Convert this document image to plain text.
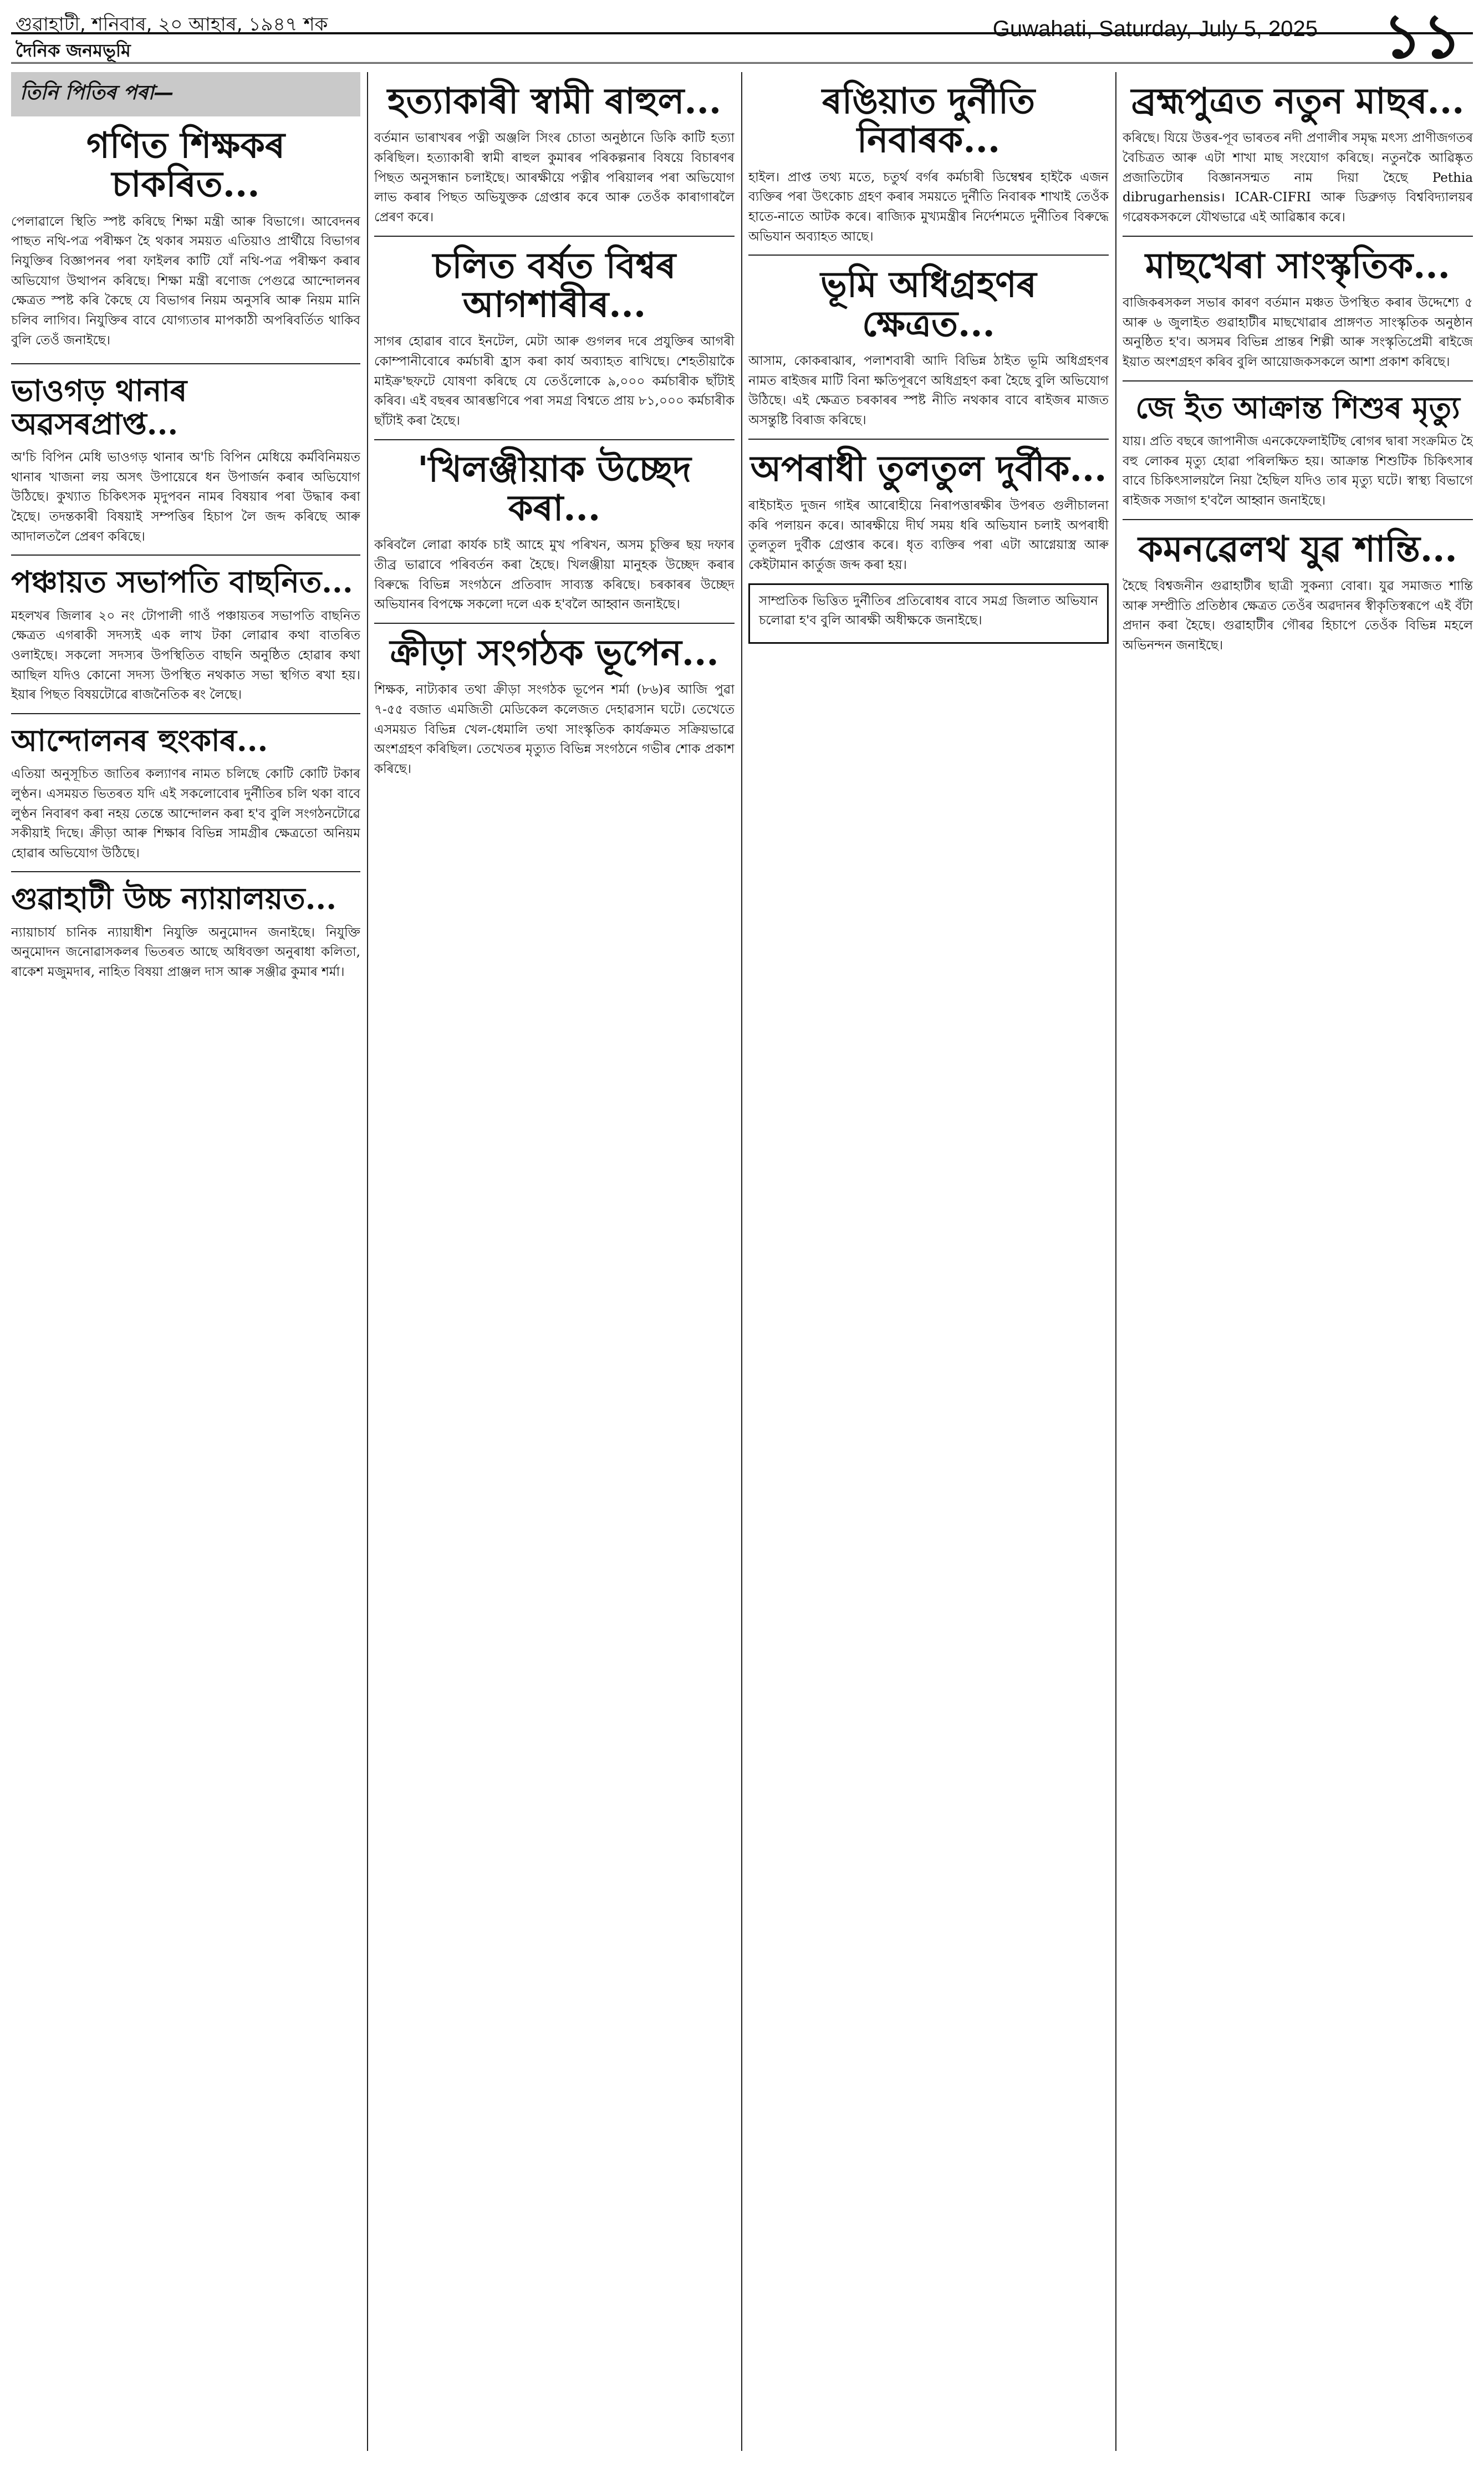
গুৱাহাটী, শনিবাৰ, ২০ আহাৰ, ১৯৪৭ শক
দৈনিক জনমভূমি
Guwahati, Saturday, July 5, 2025 ১১
তিনি পিতিৰ পৰা—
গণিত শিক্ষকৰ চাকৰিত...

পেলাৱালে স্থিতি স্পষ্ট কৰিছে শিক্ষা মন্ত্রী আৰু বিভাগে। আবেদনৰ পাছত নথি-পত্র পৰীক্ষণ হৈ থকাৰ সময়ত এতিয়াও প্রার্থীয়ে বিভাগৰ নিযুক্তিৰ বিজ্ঞাপনৰ পৰা ফাইলৰ কাটি যোঁ নথি-পত্র পৰীক্ষণ কৰাৰ অভিযোগ উত্থাপন কৰিছে। শিক্ষা মন্ত্রী ৰণোজ পেগুৱে আন্দোলনৰ ক্ষেত্রত স্পষ্ট কৰি কৈছে যে বিভাগৰ নিয়ম অনুসৰি আৰু নিয়ম মানি চলিব লাগিব। নিযুক্তিৰ বাবে যোগ্যতাৰ মাপকাঠী অপৰিবৰ্তিত থাকিব বুলি তেওঁ জনাইছে।

ভাওগড় থানাৰ অৱসৰপ্রাপ্ত...

অ'চি বিপিন মেধি ভাওগড় থানাৰ অ'চি বিপিন মেধিয়ে কৰ্মবিনিময়ত থানাৰ খাজনা লয় অসৎ উপায়েৰে ধন উপাৰ্জন কৰাৰ অভিযোগ উঠিছে। কুখ্যাত চিকিৎসক মৃদুপবন নামৰ বিষয়াৰ পৰা উদ্ধাৰ কৰা হৈছে। তদন্তকাৰী বিষয়াই সম্পত্তিৰ হিচাপ লৈ জব্দ কৰিছে আৰু আদালতলৈ প্ৰেৰণ কৰিছে।

পঞ্চায়ত সভাপতি বাছনিত...

মহলখৰ জিলাৰ ২০ নং টোপালী গাওঁ পঞ্চায়তৰ সভাপতি বাছনিত ক্ষেত্ৰত এগৰাকী সদস্যই এক লাখ টকা লোৱাৰ কথা বাতৰিত ওলাইছে। সকলো সদস্যৰ উপস্থিতিত বাছনি অনুষ্ঠিত হোৱাৰ কথা আছিল যদিও কোনো সদস্য উপস্থিত নথকাত সভা স্থগিত ৰখা হয়। ইয়াৰ পিছত বিষয়টোৱে ৰাজনৈতিক ৰং লৈছে।

আন্দোলনৰ হুংকাৰ...

এতিয়া অনুসূচিত জাতিৰ কল্যাণৰ নামত চলিছে কোটি কোটি টকাৰ লুণ্ঠন। এসময়ত ভিতৰত যদি এই সকলোবোৰ দুৰ্নীতিৰ চলি থকা বাবে লুণ্ঠন নিবাৰণ কৰা নহয় তেন্তে আন্দোলন কৰা হ'ব বুলি সংগঠনটোৱে সকীয়াই দিছে। ক্ৰীড়া আৰু শিক্ষাৰ বিভিন্ন সামগ্ৰীৰ ক্ষেত্ৰতো অনিয়ম হোৱাৰ অভিযোগ উঠিছে।

গুৱাহাটী উচ্চ ন্যায়ালয়ত...

ন্যায়াচাৰ্য চানিক ন্যায়াধীশ নিযুক্তি অনুমোদন জনাইছে। নিযুক্তি অনুমোদন জনোৱাসকলৰ ভিতৰত আছে অধিবক্তা অনুৰাধা কলিতা, ৰাকেশ মজুমদাৰ, নাহিত বিষয়া প্ৰাঞ্জল দাস আৰু সঞ্জীৱ কুমাৰ শৰ্মা।

হত্যাকাৰী স্বামী ৰাহুল...

বৰ্তমান ভাৰাখৰৰ পত্নী অঞ্জলি সিংৰ চোতা অনুষ্ঠানে ডিকি কাটি হত্যা কৰিছিল। হত্যাকাৰী স্বামী ৰাহুল কুমাৰৰ পৰিকল্পনাৰ বিষয়ে বিচাৰণৰ পিছত অনুসন্ধান চলাইছে। আৰক্ষীয়ে পত্নীৰ পৰিয়ালৰ পৰা অভিযোগ লাভ কৰাৰ পিছত অভিযুক্তক গ্ৰেপ্তাৰ কৰে আৰু তেওঁক কাৰাগাৰলৈ প্ৰেৰণ কৰে।

চলিত বৰ্ষত বিশ্বৰ আগশাৰীৰ...

সাগৰ হোৱাৰ বাবে ইনটেল, মেটা আৰু গুগলৰ দৰে প্ৰযুক্তিৰ আগৰী কোম্পানীবোৰে কৰ্মচাৰী হ্ৰাস কৰা কাৰ্য অব্যাহত ৰাখিছে। শেহতীয়াকৈ মাইক্ৰ'ছফটে যোষণা কৰিছে যে তেওঁলোকে ৯,০০০ কৰ্মচাৰীক ছাঁটাই কৰিব। এই বছৰৰ আৰম্ভণিৰে পৰা সমগ্ৰ বিশ্বতে প্ৰায় ৮১,০০০ কৰ্মচাৰীক ছাঁটাই কৰা হৈছে।

'খিলঞ্জীয়াক উচ্ছেদ কৰা...

কৰিবলৈ লোৱা কাৰ্যক চাই আহে মুখ পৰিখন, অসম চুক্তিৰ ছয় দফাৰ তীব্ৰ ভাৱাবে পৰিবৰ্তন কৰা হৈছে। খিলঞ্জীয়া মানুহক উচ্ছেদ কৰাৰ বিৰুদ্ধে বিভিন্ন সংগঠনে প্ৰতিবাদ সাব্যস্ত কৰিছে। চৰকাৰৰ উচ্ছেদ অভিযানৰ বিপক্ষে সকলো দলে এক হ'বলৈ আহ্বান জনাইছে।

ক্ৰীড়া সংগঠক ভূপেন...

শিক্ষক, নাট্যকাৰ তথা ক্ৰীড়া সংগঠক ভূপেন শৰ্মা (৮৬)ৰ আজি পুৱা ৭-৫৫ বজাত এমজিতী মেডিকেল কলেজত দেহাৱসান ঘটে। তেখেতে এসময়ত বিভিন্ন খেল-ধেমালি তথা সাংস্কৃতিক কাৰ্যক্ৰমত সক্ৰিয়ভাৱে অংশগ্ৰহণ কৰিছিল। তেখেতৰ মৃত্যুত বিভিন্ন সংগঠনে গভীৰ শোক প্ৰকাশ কৰিছে।

ৰঙিয়াত দুৰ্নীতি নিবাৰক...

হাইল। প্ৰাপ্ত তথ্য মতে, চতুৰ্থ বৰ্গৰ কৰ্মচাৰী ডিম্বেশ্বৰ হাইকৈ এজন ব্যক্তিৰ পৰা উৎকোচ গ্ৰহণ কৰাৰ সময়তে দুৰ্নীতি নিবাৰক শাখাই তেওঁক হাতে-নাতে আটক কৰে। ৰাজ্যিক মুখ্যমন্ত্ৰীৰ নিৰ্দেশমতে দুৰ্নীতিৰ বিৰুদ্ধে অভিযান অব্যাহত আছে।

ভূমি অধিগ্ৰহণৰ ক্ষেত্ৰত...

আসাম, কোকৰাঝাৰ, পলাশবাৰী আদি বিভিন্ন ঠাইত ভূমি অধিগ্ৰহণৰ নামত ৰাইজৰ মাটি বিনা ক্ষতিপূৰণে অধিগ্ৰহণ কৰা হৈছে বুলি অভিযোগ উঠিছে। এই ক্ষেত্ৰত চৰকাৰৰ স্পষ্ট নীতি নথকাৰ বাবে ৰাইজৰ মাজত অসন্তুষ্টি বিৰাজ কৰিছে।

অপৰাধী তুলতুল দুৰ্বীক...

ৰাইচাইত দুজন গাইৰ আৰোহীয়ে নিৰাপত্তাৰক্ষীৰ উপৰত গুলীচালনা কৰি পলায়ন কৰে। আৰক্ষীয়ে দীৰ্ঘ সময় ধৰি অভিযান চলাই অপৰাধী তুলতুল দুৰ্বীক গ্ৰেপ্তাৰ কৰে। ধৃত ব্যক্তিৰ পৰা এটা আগ্নেয়াস্ত্ৰ আৰু কেইটামান কাৰ্তুজ জব্দ কৰা হয়।

সাম্প্ৰতিক ভিত্তিত দুৰ্নীতিৰ প্ৰতিৰোধৰ বাবে সমগ্ৰ জিলাত অভিযান চলোৱা হ'ব বুলি আৰক্ষী অধীক্ষকে জনাইছে।

ব্ৰহ্মপুত্ৰত নতুন মাছৰ...

কৰিছে। যিয়ে উত্তৰ-পূব ভাৰতৰ নদী প্ৰণালীৰ সমৃদ্ধ মৎস্য প্ৰাণীজগতৰ বৈচিত্ৰত আৰু এটা শাখা মাছ সংযোগ কৰিছে। নতুনকৈ আৱিষ্কৃত প্ৰজাতিটোৰ বিজ্ঞানসন্মত নাম দিয়া হৈছে Pethia dibrugarhensis। ICAR-CIFRI আৰু ডিব্ৰুগড় বিশ্ববিদ্যালয়ৰ গৱেষকসকলে যৌথভাৱে এই আৱিষ্কাৰ কৰে।

মাছখেৰা সাংস্কৃতিক...

বাজিকৰসকল সভাৰ কাৰণ বৰ্তমান মঞ্চত উপস্থিত কৰাৰ উদ্দেশ্যে ৫ আৰু ৬ জুলাইত গুৱাহাটীৰ মাছখোৱাৰ প্ৰাঙ্গণত সাংস্কৃতিক অনুষ্ঠান অনুষ্ঠিত হ'ব। অসমৰ বিভিন্ন প্ৰান্তৰ শিল্পী আৰু সংস্কৃতিপ্ৰেমী ৰাইজে ইয়াত অংশগ্ৰহণ কৰিব বুলি আয়োজকসকলে আশা প্ৰকাশ কৰিছে।

জে ইত আক্ৰান্ত শিশুৰ মৃত্যু

যায়। প্ৰতি বছৰে জাপানীজ এনকেফেলাইটিছ ৰোগৰ দ্বাৰা সংক্ৰমিত হৈ বহু লোকৰ মৃত্যু হোৱা পৰিলক্ষিত হয়। আক্ৰান্ত শিশুটিক চিকিৎসাৰ বাবে চিকিৎসালয়লৈ নিয়া হৈছিল যদিও তাৰ মৃত্যু ঘটে। স্বাস্থ্য বিভাগে ৰাইজক সজাগ হ'বলৈ আহ্বান জনাইছে।

কমনৱেলথ যুৱ শান্তি...

হৈছে বিশ্বজনীন গুৱাহাটীৰ ছাত্ৰী সুকন্যা বোৰা। যুৱ সমাজত শান্তি আৰু সম্প্ৰীতি প্ৰতিষ্ঠাৰ ক্ষেত্ৰত তেওঁৰ অৱদানৰ স্বীকৃতিস্বৰূপে এই বঁটা প্ৰদান কৰা হৈছে। গুৱাহাটীৰ গৌৰৱ হিচাপে তেওঁক বিভিন্ন মহলে অভিনন্দন জনাইছে।
